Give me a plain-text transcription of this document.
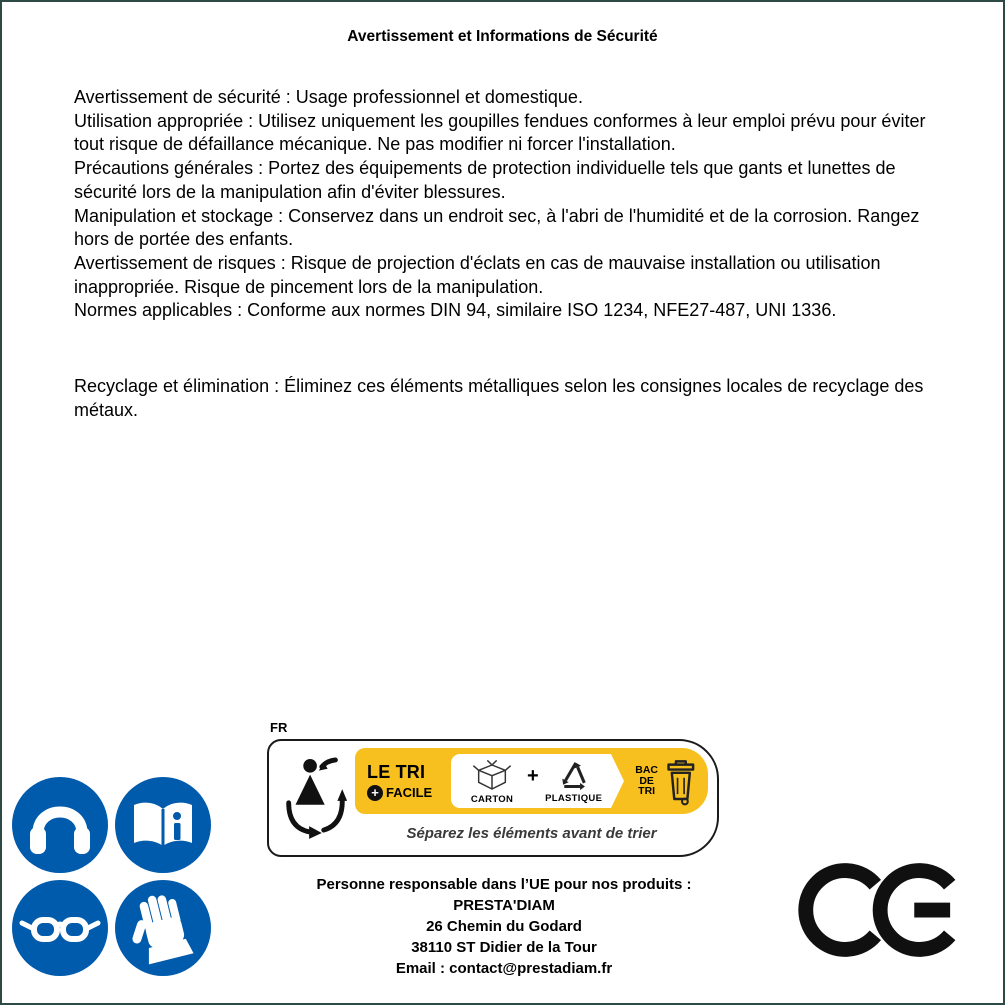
Avertissement et Informations de Sécurité

Avertissement de sécurité : Usage professionnel et domestique.

Utilisation appropriée : Utilisez uniquement les goupilles fendues conformes à leur emploi prévu pour éviter tout risque de défaillance mécanique. Ne pas modifier ni forcer l'installation.

Précautions générales : Portez des équipements de protection individuelle tels que gants et lunettes de sécurité lors de la manipulation afin d'éviter blessures.

Manipulation et stockage : Conservez dans un endroit sec, à l'abri de l'humidité et de la corrosion. Rangez hors de portée des enfants.

Avertissement de risques : Risque de projection d'éclats en cas de mauvaise installation ou utilisation inappropriée. Risque de pincement lors de la manipulation.

Normes applicables : Conforme aux normes DIN 94, similaire ISO 1234, NFE27-487, UNI 1336.

Recyclage et élimination : Éliminez ces éléments métalliques selon les consignes locales de recyclage des métaux.

FR
LE TRI
+ FACILE	CARTON
+
PLASTIQUE
BAC
DE
TRI
Séparez les éléments avant de trier
Personne responsable dans l’UE pour nos produits :
PRESTA'DIAM
26 Chemin du Godard
38110 ST Didier de la Tour
Email : contact@prestadiam.fr
